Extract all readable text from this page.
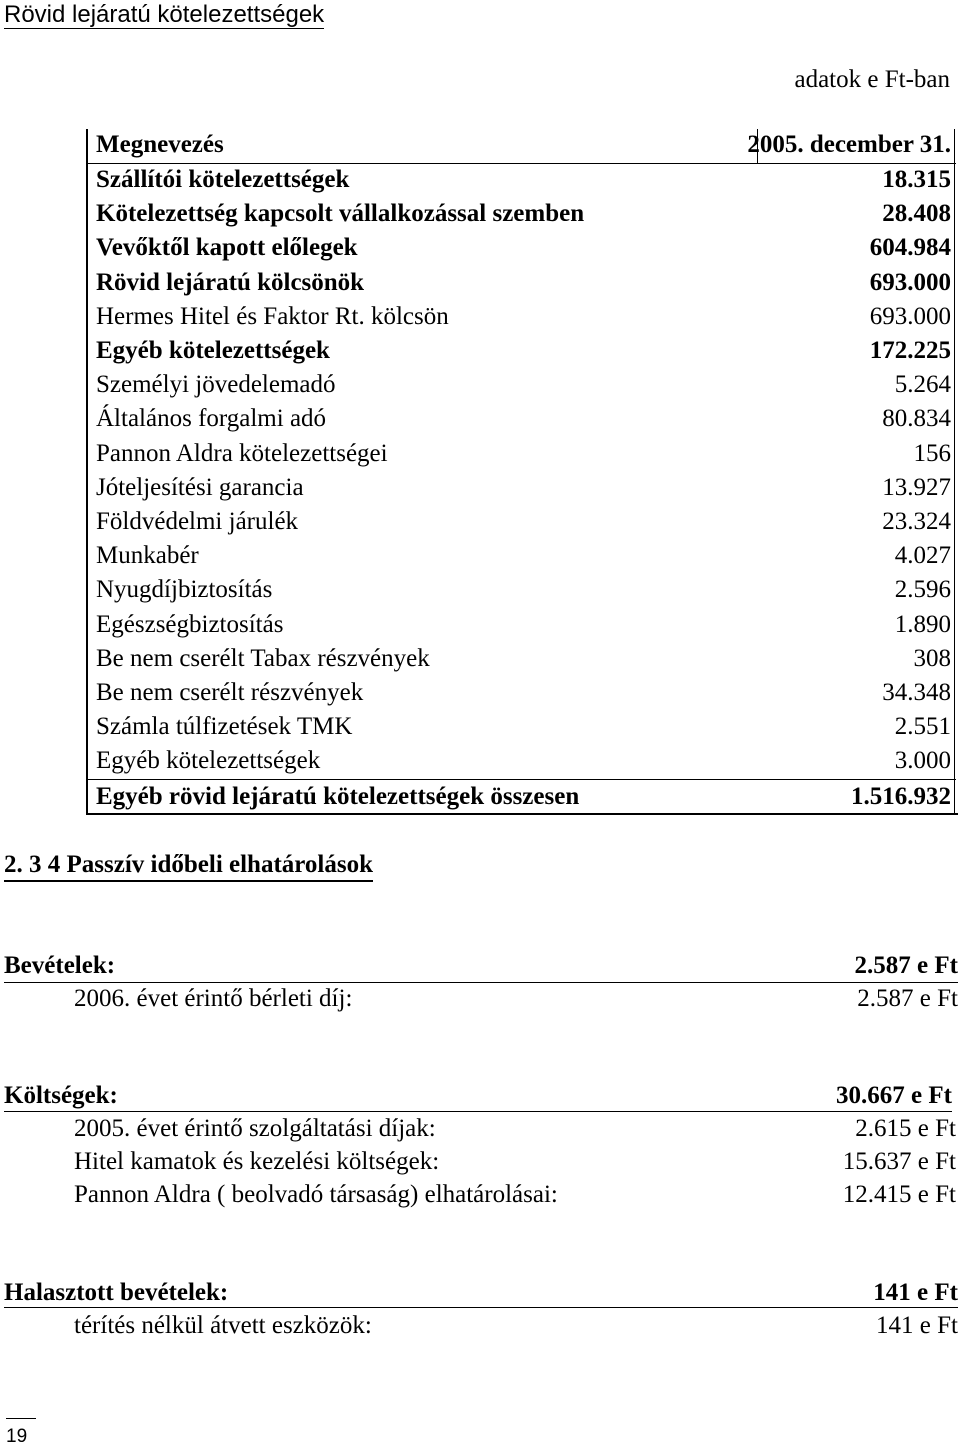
Rövid lejáratú kötelezettségek
adatok e Ft-ban
Megnevezés	2005. december 31.
Szállítói kötelezettségek	18.315
Kötelezettség kapcsolt vállalkozással szemben	28.408
Vevőktől kapott előlegek	604.984
Rövid lejáratú kölcsönök	693.000
Hermes Hitel és Faktor Rt. kölcsön	693.000
Egyéb kötelezettségek	172.225
Személyi jövedelemadó	5.264
Általános forgalmi adó	80.834
Pannon Aldra kötelezettségei	156
Jóteljesítési garancia	13.927
Földvédelmi járulék	23.324
Munkabér	4.027
Nyugdíjbiztosítás	2.596
Egészségbiztosítás	1.890
Be nem cserélt Tabax részvények	308
Be nem cserélt részvények	34.348
Számla túlfizetések TMK	2.551
Egyéb kötelezettségek	3.000
Egyéb rövid lejáratú kötelezettségek összesen	1.516.932
2. 3 4 Passzív időbeli elhatárolások
Bevételek:	2.587 e Ft
2006. évet érintő bérleti díj:	2.587 e Ft
Költségek:	30.667 e Ft
2005. évet érintő szolgáltatási díjak:	2.615 e Ft
Hitel kamatok és kezelési költségek:	15.637 e Ft
Pannon Aldra ( beolvadó társaság) elhatárolásai:	12.415 e Ft
Halasztott bevételek:	141 e Ft
térítés nélkül átvett eszközök:	141 e Ft
19
